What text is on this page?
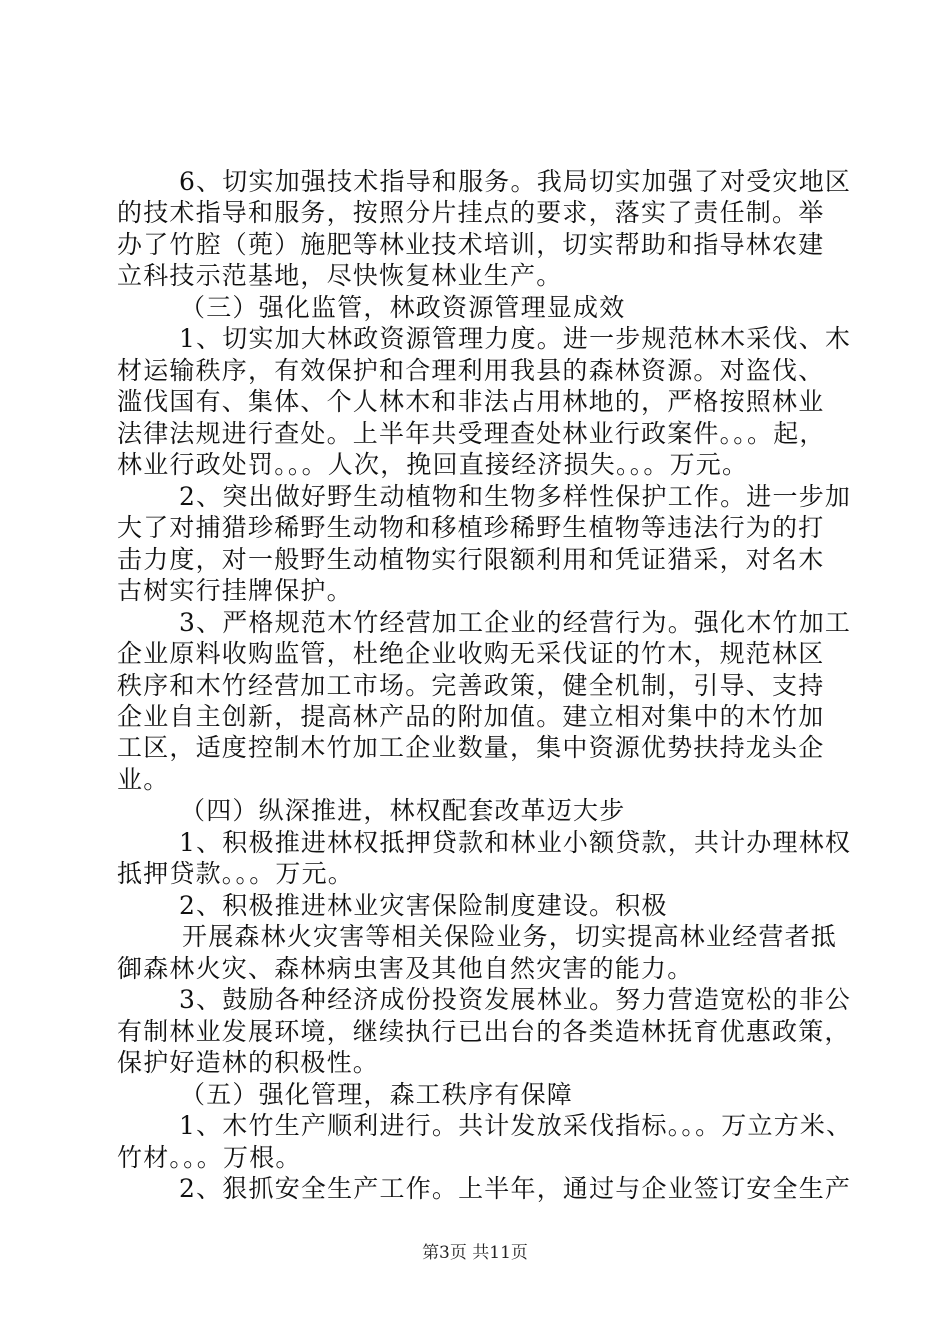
6、切实加强技术指导和服务。我局切实加强了对受灾地区
的技术指导和服务，按照分片挂点的要求，落实了责任制。举
办了竹腔（蔸）施肥等林业技术培训，切实帮助和指导林农建
立科技示范基地，尽快恢复林业生产。
（三）强化监管，林政资源管理显成效
1、切实加大林政资源管理力度。进一步规范林木采伐、木
材运输秩序，有效保护和合理利用我县的森林资源。对盗伐、
滥伐国有、集体、个人林木和非法占用林地的，严格按照林业
法律法规进行查处。上半年共受理查处林业行政案件。。。起，
林业行政处罚。。。人次，挽回直接经济损失。。。万元。
2、突出做好野生动植物和生物多样性保护工作。进一步加
大了对捕猎珍稀野生动物和移植珍稀野生植物等违法行为的打
击力度，对一般野生动植物实行限额利用和凭证猎采，对名木
古树实行挂牌保护。
3、严格规范木竹经营加工企业的经营行为。强化木竹加工
企业原料收购监管，杜绝企业收购无采伐证的竹木，规范林区
秩序和木竹经营加工市场。完善政策，健全机制，引导、支持
企业自主创新，提高林产品的附加值。建立相对集中的木竹加
工区，适度控制木竹加工企业数量，集中资源优势扶持龙头企
业。
（四）纵深推进，林权配套改革迈大步
1、积极推进林权抵押贷款和林业小额贷款，共计办理林权
抵押贷款。。。万元。
2、积极推进林业灾害保险制度建设。积极
开展森林火灾害等相关保险业务，切实提高林业经营者抵
御森林火灾、森林病虫害及其他自然灾害的能力。
3、鼓励各种经济成份投资发展林业。努力营造宽松的非公
有制林业发展环境，继续执行已出台的各类造林抚育优惠政策，
保护好造林的积极性。
（五）强化管理，森工秩序有保障
1、木竹生产顺利进行。共计发放采伐指标。。。万立方米、
竹材。。。万根。
2、狠抓安全生产工作。上半年，通过与企业签订安全生产
第3页 共11页
